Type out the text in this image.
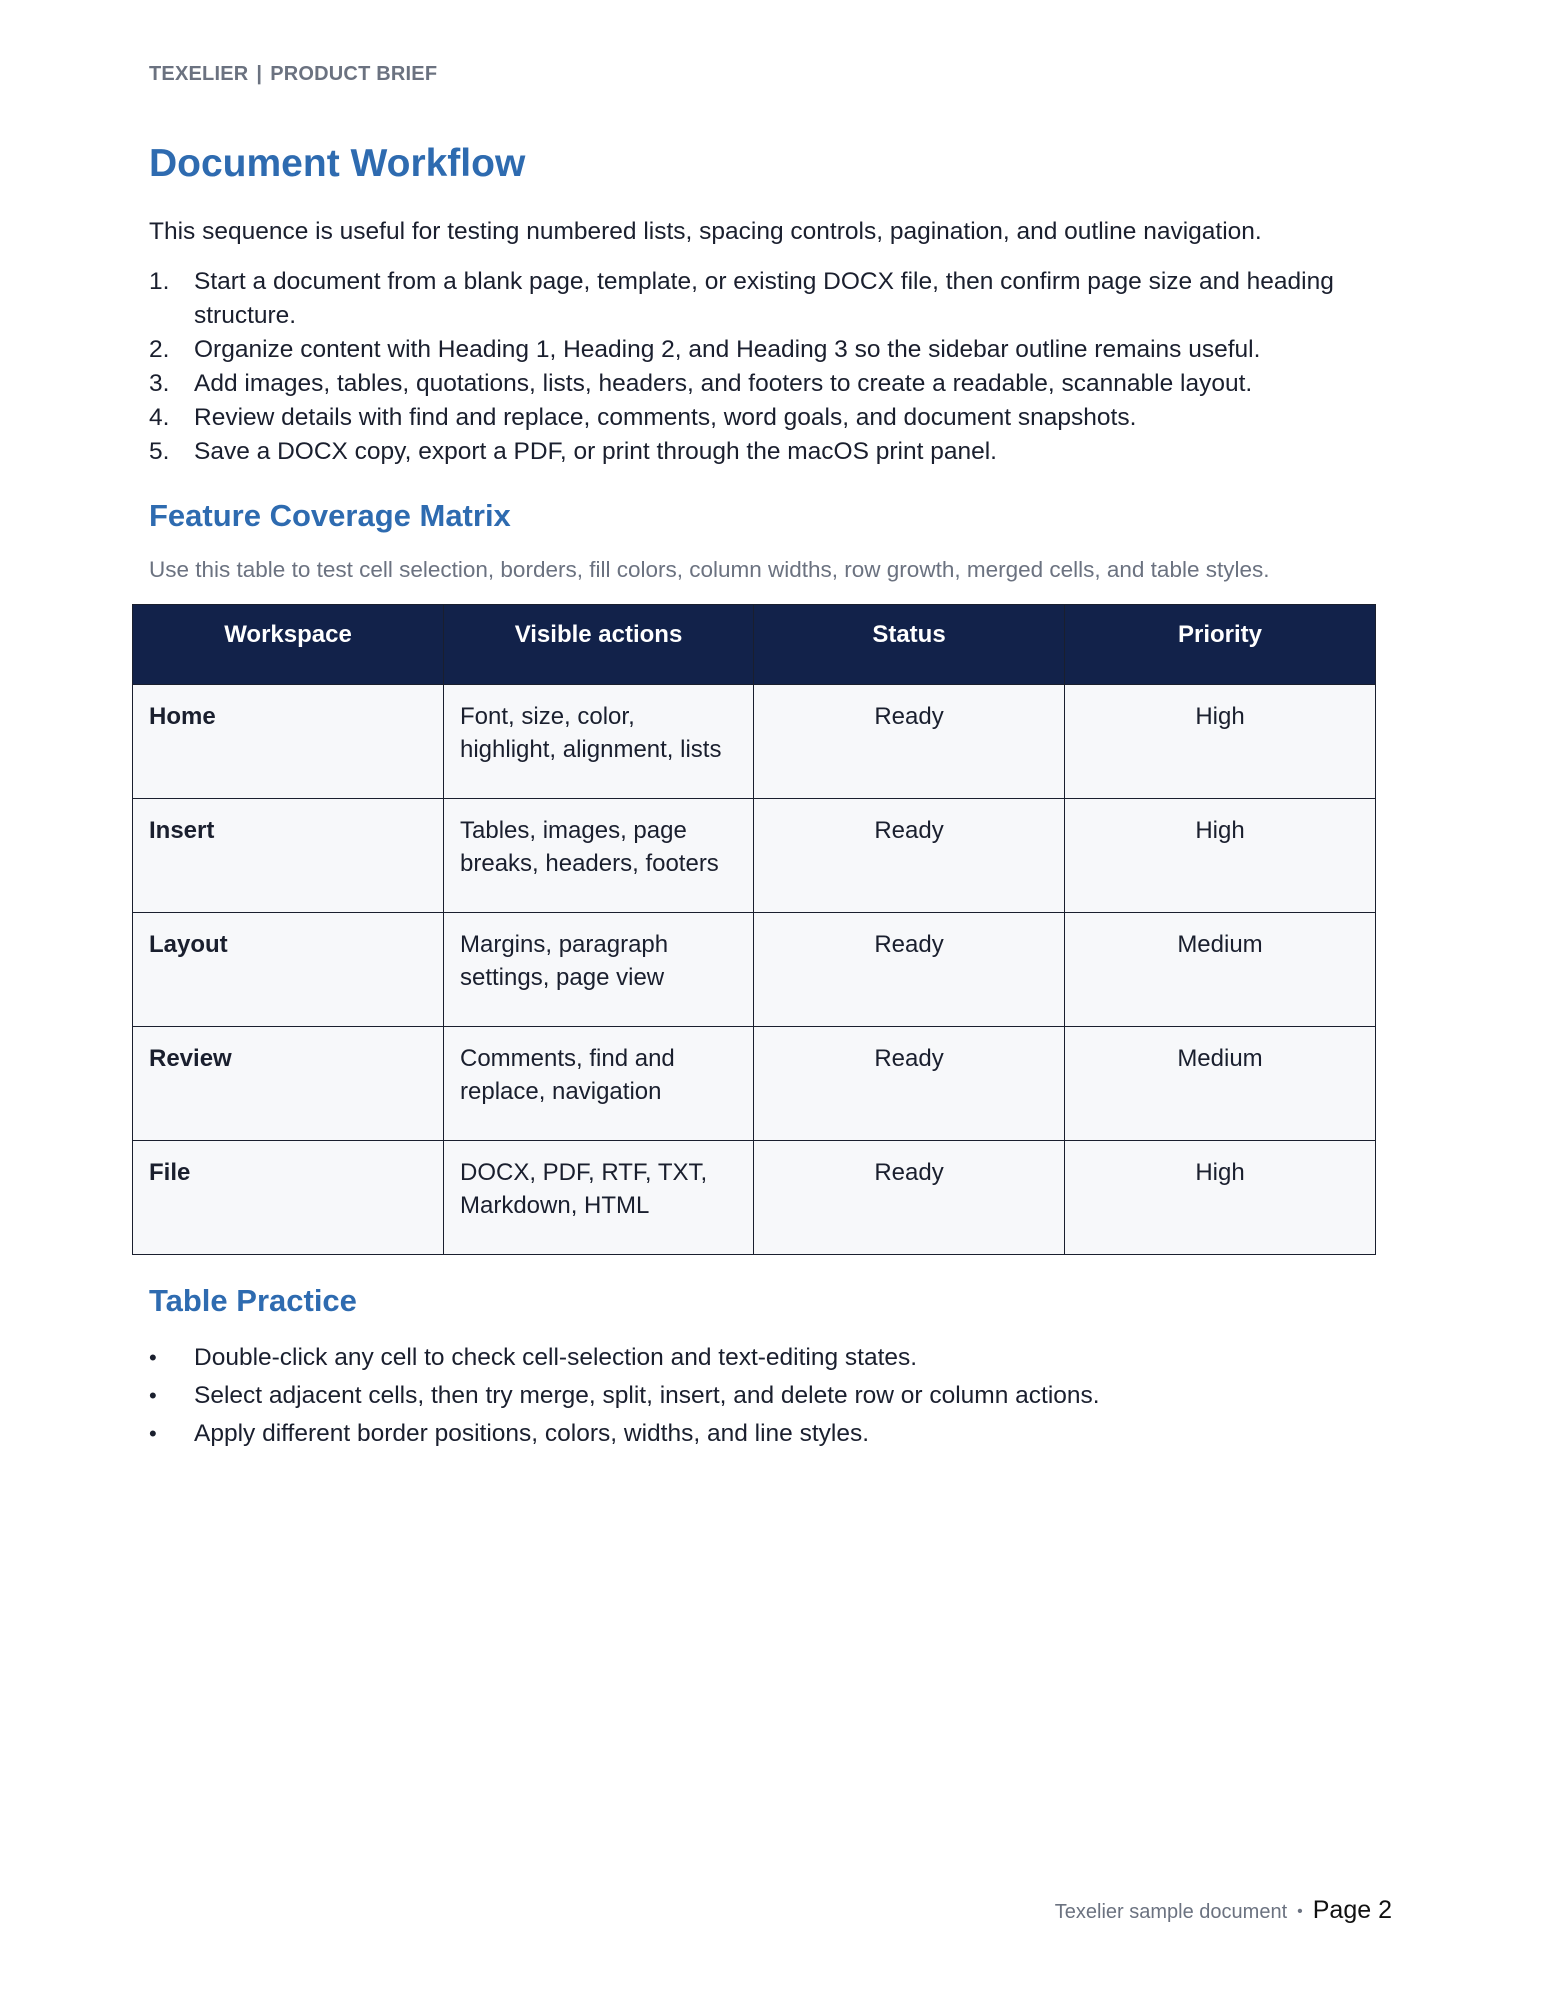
TEXELIER | PRODUCT BRIEF
Document Workflow

This sequence is useful for testing numbered lists, spacing controls, pagination, and outline navigation.

1. Start a document from a blank page, template, or existing DOCX file, then confirm page size and heading structure.
2. Organize content with Heading 1, Heading 2, and Heading 3 so the sidebar outline remains useful.
3. Add images, tables, quotations, lists, headers, and footers to create a readable, scannable layout.
4. Review details with find and replace, comments, word goals, and document snapshots.
5. Save a DOCX copy, export a PDF, or print through the macOS print panel.
Feature Coverage Matrix

Use this table to test cell selection, borders, fill colors, column widths, row growth, merged cells, and table styles.

Workspace	Visible actions	Status	Priority
Home	Font, size, color, highlight, alignment, lists	Ready	High
Insert	Tables, images, page breaks, headers, footers	Ready	High
Layout	Margins, paragraph settings, page view	Ready	Medium
Review	Comments, find and replace, navigation	Ready	Medium
File	DOCX, PDF, RTF, TXT, Markdown, HTML	Ready	High
Table Practice
• Double-click any cell to check cell-selection and text-editing states.
• Select adjacent cells, then try merge, split, insert, and delete row or column actions.
• Apply different border positions, colors, widths, and line styles.
Texelier sample document • Page 2
